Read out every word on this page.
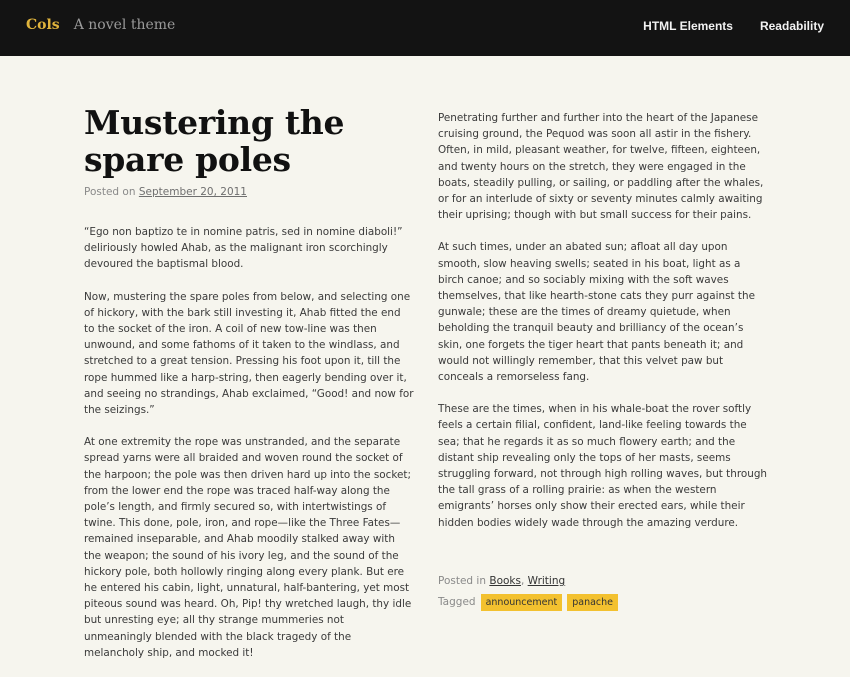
Cols A novel theme	HTML Elements Readability
Mustering the spare poles
Posted on September 20, 2011

“Ego non baptizo te in nomine patris, sed in nomine diaboli!” deliriously howled Ahab, as the malignant iron scorchingly devoured the baptismal blood.

Now, mustering the spare poles from below, and selecting one of hickory, with the bark still investing it, Ahab fitted the end to the socket of the iron. A coil of new tow-line was then unwound, and some fathoms of it taken to the windlass, and stretched to a great tension. Pressing his foot upon it, till the rope hummed like a harp-string, then eagerly bending over it, and seeing no strandings, Ahab exclaimed, “Good! and now for the seizings.”

At one extremity the rope was unstranded, and the separate spread yarns were all braided and woven round the socket of the harpoon; the pole was then driven hard up into the socket; from the lower end the rope was traced half-way along the pole’s length, and firmly secured so, with intertwistings of twine. This done, pole, iron, and rope—like the Three Fates—remained inseparable, and Ahab moodily stalked away with the weapon; the sound of his ivory leg, and the sound of the hickory pole, both hollowly ringing along every plank. But ere he entered his cabin, light, unnatural, half-bantering, yet most piteous sound was heard. Oh, Pip! thy wretched laugh, thy idle but unresting eye; all thy strange mummeries not unmeaningly blended with the black tragedy of the melancholy ship, and mocked it!

Penetrating further and further into the heart of the Japanese cruising ground, the Pequod was soon all astir in the fishery. Often, in mild, pleasant weather, for twelve, fifteen, eighteen, and twenty hours on the stretch, they were engaged in the boats, steadily pulling, or sailing, or paddling after the whales, or for an interlude of sixty or seventy minutes calmly awaiting their uprising; though with but small success for their pains.

At such times, under an abated sun; afloat all day upon smooth, slow heaving swells; seated in his boat, light as a birch canoe; and so sociably mixing with the soft waves themselves, that like hearth-stone cats they purr against the gunwale; these are the times of dreamy quietude, when beholding the tranquil beauty and brilliancy of the ocean’s skin, one forgets the tiger heart that pants beneath it; and would not willingly remember, that this velvet paw but conceals a remorseless fang.

These are the times, when in his whale-boat the rover softly feels a certain filial, confident, land-like feeling towards the sea; that he regards it as so much flowery earth; and the distant ship revealing only the tops of her masts, seems struggling forward, not through high rolling waves, but through the tall grass of a rolling prairie: as when the western emigrants’ horses only show their erected ears, while their hidden bodies widely wade through the amazing verdure.

Posted in
Books ,
Writing
Tagged	announcement	panache
